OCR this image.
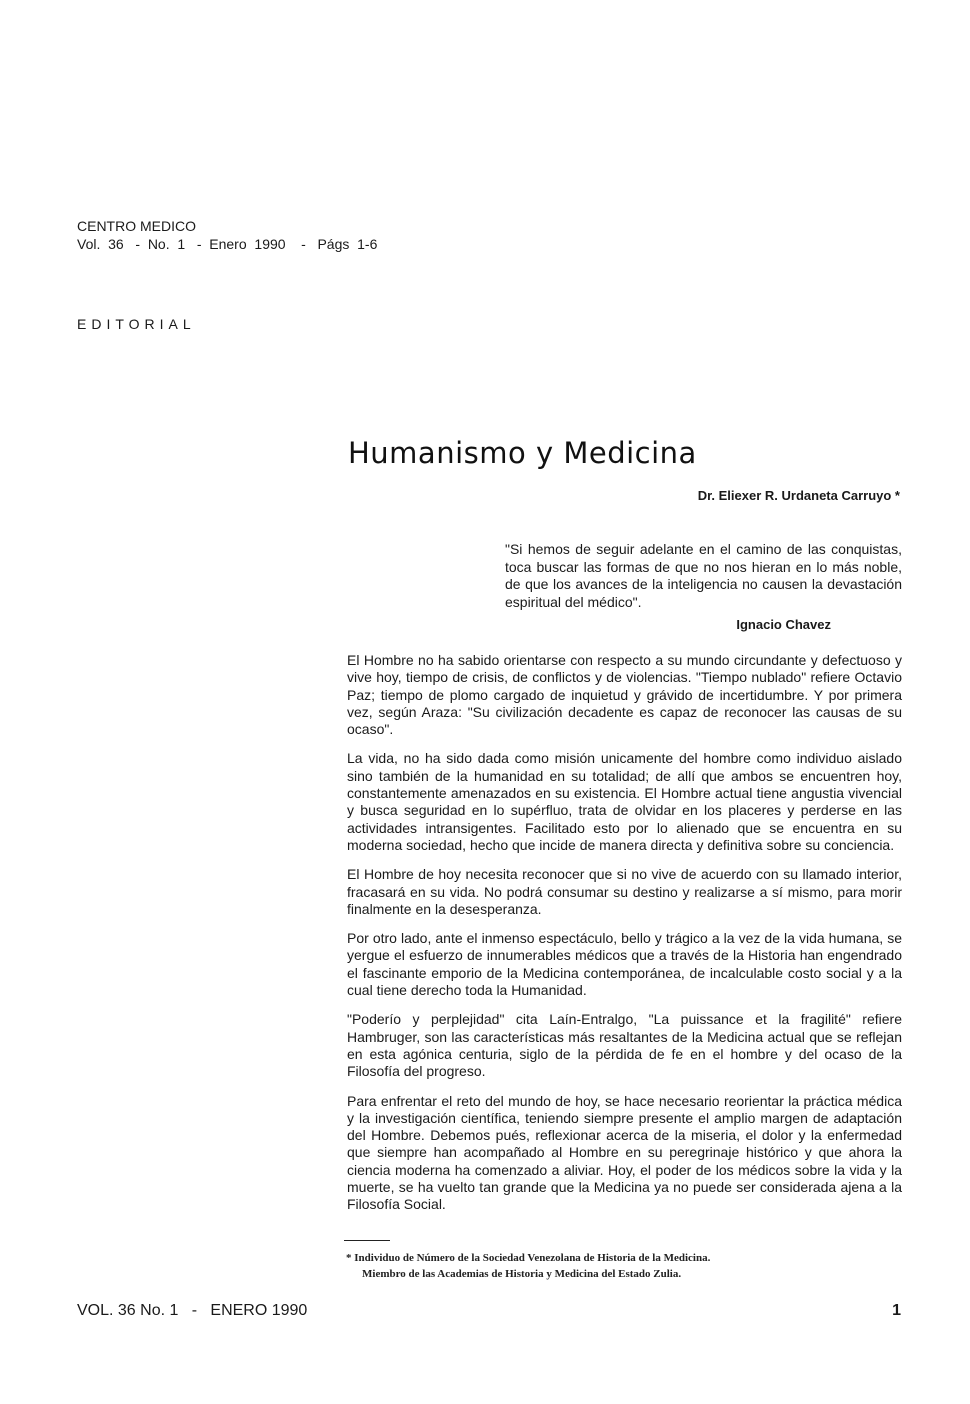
CENTRO MEDICO
Vol.  36   -  No.  1   -  Enero  1990    -   Págs  1-6
EDITORIAL
Humanismo y Medicina
Dr. Eliexer R. Urdaneta Carruyo *
"Si hemos de seguir adelante en el camino de las conquistas, toca buscar las formas de que no nos hieran en lo más noble, de que los avances de la inteligencia no causen la devastación espiritual del médico".
Ignacio Chavez

El Hombre no ha sabido orientarse con respecto a su mundo circundante y defectuoso y vive hoy, tiempo de crisis, de conflictos y de violencias. "Tiempo nublado" refiere Octavio Paz; tiempo de plomo cargado de inquietud y grávido de incertidumbre. Y por primera vez, según Araza: "Su civilización decadente es capaz de reconocer las causas de su ocaso".

La vida, no ha sido dada como misión unicamente del hombre como individuo aislado sino también de la humanidad en su totalidad; de allí que ambos se encuentren hoy, constantemente amenazados en su existencia. El Hombre actual tiene angustia vivencial y busca seguridad en lo supérfluo, trata de olvidar en los placeres y perderse en las actividades intransigentes. Facilitado esto por lo alienado que se encuentra en su moderna sociedad, hecho que incide de manera directa y definitiva sobre su conciencia.

El Hombre de hoy necesita reconocer que si no vive de acuerdo con su llamado interior, fracasará en su vida. No podrá consumar su destino y realizarse a sí mismo, para morir finalmente en la desesperanza.

Por otro lado, ante el inmenso espectáculo, bello y trágico a la vez de la vida humana, se yergue el esfuerzo de innumerables médicos que a través de la Historia han engendrado el fascinante emporio de la Medicina contemporánea, de incalculable costo social y a la cual tiene derecho toda la Humanidad.

"Poderío y perplejidad" cita Laín-Entralgo, "La puissance et la fragilité" refiere Hambruger, son las características más resaltantes de la Medicina actual que se reflejan en esta agónica centuria, siglo de la pérdida de fe en el hombre y del ocaso de la Filosofía del progreso.

Para enfrentar el reto del mundo de hoy, se hace necesario reorientar la práctica médica y la investigación científica, teniendo siempre presente el amplio margen de adaptación del Hombre. Debemos pués, reflexionar acerca de la miseria, el dolor y la enfermedad que siempre han acompañado al Hombre en su peregrinaje histórico y que ahora la ciencia moderna ha comenzado a aliviar. Hoy, el poder de los médicos sobre la vida y la muerte, se ha vuelto tan grande que la Medicina ya no puede ser considerada ajena a la Filosofía Social.

* Individuo de Número de la Sociedad Venezolana de Historia de la Medicina.
Miembro de las Academias de Historia y Medicina del Estado Zulia.
VOL. 36 No. 1   -   ENERO 1990	1
